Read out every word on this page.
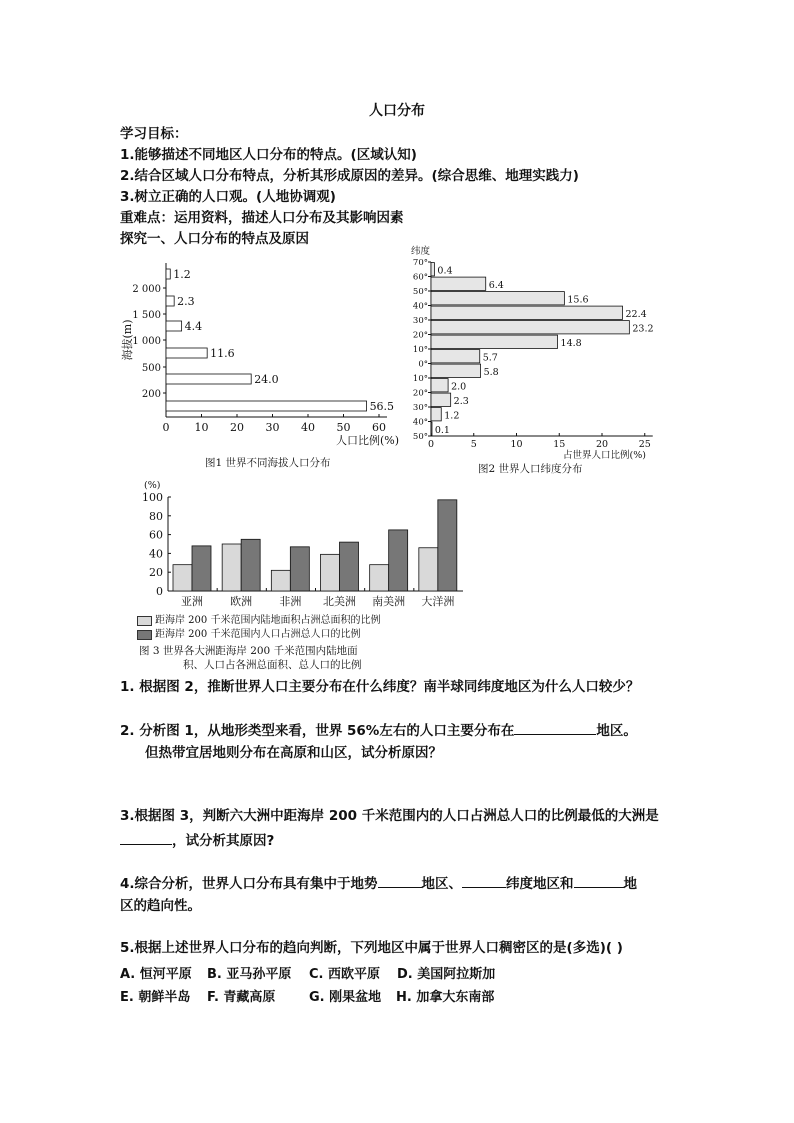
人口分布
学习目标：
1.能够描述不同地区人口分布的特点。(区域认知)
2.结合区域人口分布特点，分析其形成原因的差异。(综合思维、地理实践力)
3.树立正确的人口观。(人地协调观)
重难点：运用资料，描述人口分布及其影响因素
探究一、人口分布的特点及原因
1.2
2.3
4.4
11.6
24.0
56.5
2 000
1 500
1 000
500
200
0 10 20 30 40 50 60
海拔(m)
人口比例(%)
图1 世界不同海拔人口分布
70°
60°
50°
40°
30°
20°
10°
0°
10°
20°
30°
40°
50°
0.4
6.4
15.6
22.4
23.2
14.8
5.7
5.8
2.0
2.3
1.2
0.1
0	5	10	15	20	25
纬度
占世界人口比例(%)
图2 世界人口纬度分布
(%)
100
80
60
40
20
0
亚洲 欧洲 非洲 北美洲 南美洲 大洋洲
距海岸 200 千米范围内陆地面积占洲总面积的比例
距海岸 200 千米范围内人口占洲总人口的比例
图 3 世界各大洲距海岸 200 千米范围内陆地面
积、人口占各洲总面积、总人口的比例
1. 根据图 2，推断世界人口主要分布在什么纬度？南半球同纬度地区为什么人口较少？
2. 分析图 1，从地形类型来看，世界 56%左右的人口主要分布在	地区。
但热带宜居地则分布在高原和山区，试分析原因？
3.根据图 3，判断六大洲中距海岸 200 千米范围内的人口占洲总人口的比例最低的大洲是
，试分析其原因?
4.综合分析，世界人口分布具有集中于地势	地区、	纬度地区和	地
区的趋向性。
5.根据上述世界人口分布的趋向判断，下列地区中属于世界人口稠密区的是(多选)( )
A. 恒河平原 B. 亚马孙平原 C. 西欧平原 D. 美国阿拉斯加
E. 朝鲜半岛 F. 青藏高原	G. 刚果盆地 H. 加拿大东南部
